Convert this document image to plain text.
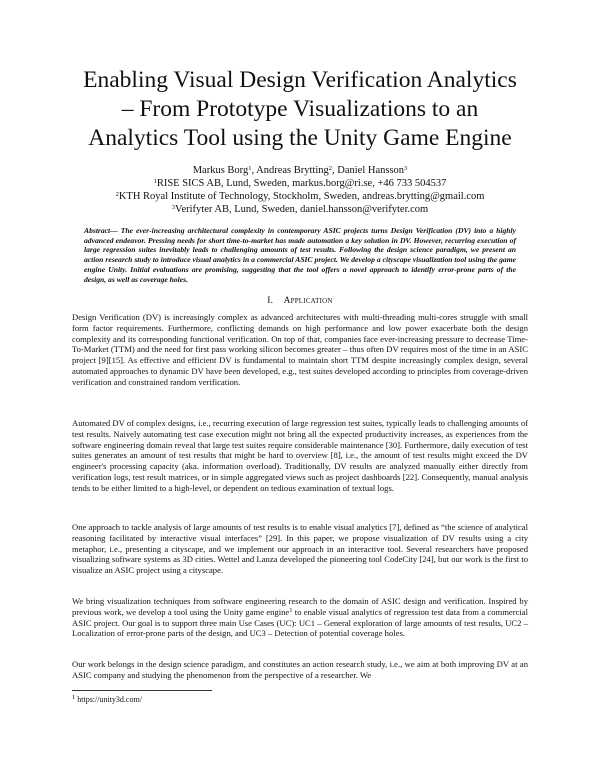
Enabling Visual Design Verification Analytics
– From Prototype Visualizations to an
Analytics Tool using the Unity Game Engine
Markus Borg$^1$, Andreas Brytting$^2$, Daniel Hansson$^3$
$^1$RISE SICS AB, Lund, Sweden, markus.borg@ri.se, +46 733 504537
$^2$KTH Royal Institute of Technology, Stockholm, Sweden, andreas.brytting@gmail.com
$^3$Verifyter AB, Lund, Sweden, daniel.hansson@verifyter.com
Abstract— The ever-increasing architectural complexity in contemporary ASIC projects turns Design Verification (DV) into a highly advanced endeavor. Pressing needs for short time-to-market has made automation a key solution in DV. However, recurring execution of large regression suites inevitably leads to challenging amounts of test results. Following the design science paradigm, we present an action research study to introduce visual analytics in a commercial ASIC project. We develop a cityscape visualization tool using the game engine Unity. Initial evaluations are promising, suggesting that the tool offers a novel approach to identify error-prone parts of the design, as well as coverage holes.
I. Application

Design Verification (DV) is increasingly complex as advanced architectures with multi-threading multi-cores struggle with small form factor requirements. Furthermore, conflicting demands on high performance and low power exacerbate both the design complexity and its corresponding functional verification. On top of that, companies face ever-increasing pressure to decrease Time-To-Market (TTM) and the need for first pass working silicon becomes greater – thus often DV requires most of the time in an ASIC project [9][15]. As effective and efficient DV is fundamental to maintain short TTM despite increasingly complex design, several automated approaches to dynamic DV have been developed, e.g., test suites developed according to principles from coverage-driven verification and constrained random verification.

Automated DV of complex designs, i.e., recurring execution of large regression test suites, typically leads to challenging amounts of test results. Naively automating test case execution might not bring all the expected productivity increases, as experiences from the software engineering domain reveal that large test suites require considerable maintenance [30]. Furthermore, daily execution of test suites generates an amount of test results that might be hard to overview [8], i.e., the amount of test results might exceed the DV engineer's processing capacity (aka. information overload). Traditionally, DV results are analyzed manually either directly from verification logs, test result matrices, or in simple aggregated views such as project dashboards [22]. Consequently, manual analysis tends to be either limited to a high-level, or dependent on tedious examination of textual logs.

One approach to tackle analysis of large amounts of test results is to enable visual analytics [7], defined as “the science of analytical reasoning facilitated by interactive visual interfaces” [29]. In this paper, we propose visualization of DV results using a city metaphor, i.e., presenting a cityscape, and we implement our approach in an interactive tool. Several researchers have proposed visualizing software systems as 3D cities. Wettel and Lanza developed the pioneering tool CodeCity [24], but our work is the first to visualize an ASIC project using a cityscape.

We bring visualization techniques from software engineering research to the domain of ASIC design and verification. Inspired by previous work, we develop a tool using the Unity game engine$^1$ to enable visual analytics of regression test data from a commercial ASIC project. Our goal is to support three main Use Cases (UC): UC1 – General exploration of large amounts of test results, UC2 – Localization of error-prone parts of the design, and UC3 – Detection of potential coverage holes.

Our work belongs in the design science paradigm, and constitutes an action research study, i.e., we aim at both improving DV at an ASIC company and studying the phenomenon from the perspective of a researcher. We

$^1$ https://unity3d.com/
